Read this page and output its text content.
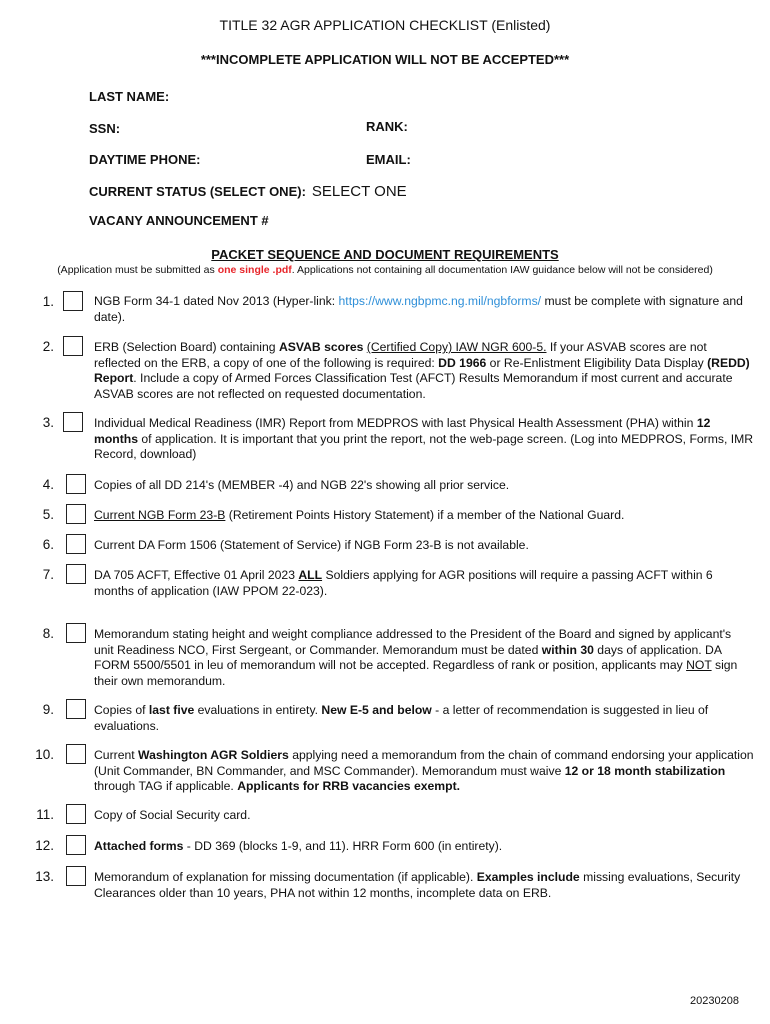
TITLE 32 AGR APPLICATION CHECKLIST (Enlisted)
***INCOMPLETE APPLICATION WILL NOT BE ACCEPTED***
LAST NAME:
SSN:	RANK:
DAYTIME PHONE:	EMAIL:
CURRENT STATUS (SELECT ONE): SELECT ONE
VACANY ANNOUNCEMENT #
PACKET SEQUENCE AND DOCUMENT REQUIREMENTS
(Application must be submitted as one single .pdf. Applications not containing all documentation IAW guidance below will not be considered)
1.	NGB Form 34-1 dated Nov 2013 (Hyper-link: https://www.ngbpmc.ng.mil/ngbforms/ must be complete with signature and date).
2.	ERB (Selection Board) containing ASVAB scores (Certified Copy) IAW NGR 600-5. If your ASVAB scores are not reflected on the ERB, a copy of one of the following is required: DD 1966 or Re-Enlistment Eligibility Data Display (REDD) Report. Include a copy of Armed Forces Classification Test (AFCT) Results Memorandum if most current and accurate ASVAB scores are not reflected on requested documentation.
3.	Individual Medical Readiness (IMR) Report from MEDPROS with last Physical Health Assessment (PHA) within 12 months of application. It is important that you print the report, not the web-page screen. (Log into MEDPROS, Forms, IMR Record, download)
4.	Copies of all DD 214's (MEMBER -4) and NGB 22's showing all prior service.
5.	Current NGB Form 23-B (Retirement Points History Statement) if a member of the National Guard.
6.	Current DA Form 1506 (Statement of Service) if NGB Form 23-B is not available.
7.	DA 705 ACFT, Effective 01 April 2023 ALL Soldiers applying for AGR positions will require a passing ACFT within 6 months of application (IAW PPOM 22-023).
8.	Memorandum stating height and weight compliance addressed to the President of the Board and signed by applicant's unit Readiness NCO, First Sergeant, or Commander. Memorandum must be dated within 30 days of application. DA FORM 5500/5501 in leu of memorandum will not be accepted. Regardless of rank or position, applicants may NOT sign their own memorandum.
9.	Copies of last five evaluations in entirety. New E-5 and below - a letter of recommendation is suggested in lieu of evaluations.
10.	Current Washington AGR Soldiers applying need a memorandum from the chain of command endorsing your application (Unit Commander, BN Commander, and MSC Commander). Memorandum must waive 12 or 18 month stabilization through TAG if applicable. Applicants for RRB vacancies exempt.
11.	Copy of Social Security card.
12.	Attached forms - DD 369 (blocks 1-9, and 11). HRR Form 600 (in entirety).
13.	Memorandum of explanation for missing documentation (if applicable). Examples include missing evaluations, Security Clearances older than 10 years, PHA not within 12 months, incomplete data on ERB.
20230208
